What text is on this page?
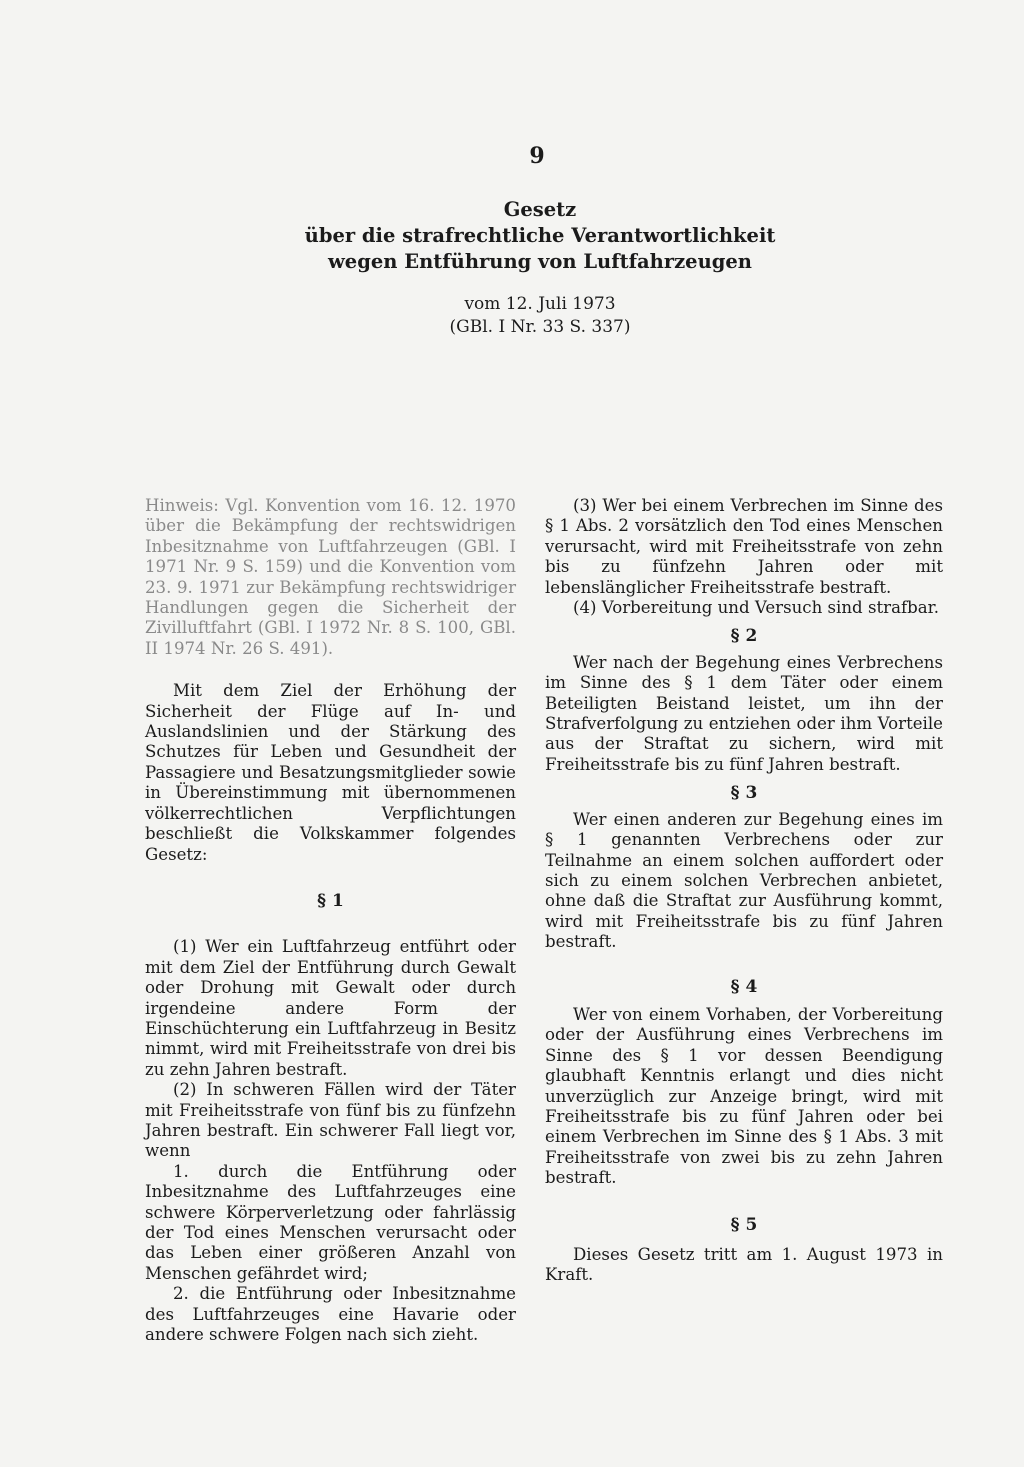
9
Gesetz
über die strafrechtliche Verantwortlichkeit
wegen Entführung von Luftfahrzeugen
vom 12. Juli 1973
(GBl. I Nr. 33 S. 337)

Hinweis: Vgl. Konvention vom 16. 12. 1970 über die Bekämpfung der rechtswidrigen Inbesitznahme von Luftfahrzeugen (GBl. I 1971 Nr. 9 S. 159) und die Konvention vom 23. 9. 1971 zur Bekämpfung rechtswidriger Handlungen gegen die Sicherheit der Zivilluftfahrt (GBl. I 1972 Nr. 8 S. 100, GBl. II 1974 Nr. 26 S. 491).

Mit dem Ziel der Erhöhung der Sicherheit der Flüge auf In- und Auslandslinien und der Stärkung des Schutzes für Leben und Gesundheit der Passagiere und Besatzungsmitglieder sowie in Übereinstimmung mit übernommenen völkerrechtlichen Verpflichtungen beschließt die Volkskammer folgendes Gesetz:

§ 1

(1) Wer ein Luftfahrzeug entführt oder mit dem Ziel der Entführung durch Gewalt oder Drohung mit Gewalt oder durch irgendeine andere Form der Einschüchterung ein Luftfahrzeug in Besitz nimmt, wird mit Freiheitsstrafe von drei bis zu zehn Jahren bestraft.

(2) In schweren Fällen wird der Täter mit Freiheitsstrafe von fünf bis zu fünfzehn Jahren bestraft. Ein schwerer Fall liegt vor, wenn

1. durch die Entführung oder Inbesitznahme des Luftfahrzeuges eine schwere Körperverletzung oder fahrlässig der Tod eines Menschen verursacht oder das Leben einer größeren Anzahl von Menschen gefährdet wird;

2. die Entführung oder Inbesitznahme des Luftfahrzeuges eine Havarie oder andere schwere Folgen nach sich zieht.

(3) Wer bei einem Verbrechen im Sinne des § 1 Abs. 2 vorsätzlich den Tod eines Menschen verursacht, wird mit Freiheitsstrafe von zehn bis zu fünfzehn Jahren oder mit lebenslänglicher Freiheitsstrafe bestraft.

(4) Vorbereitung und Versuch sind strafbar.

§ 2

Wer nach der Begehung eines Verbrechens im Sinne des § 1 dem Täter oder einem Beteiligten Beistand leistet, um ihn der Strafverfolgung zu entziehen oder ihm Vorteile aus der Straftat zu sichern, wird mit Freiheitsstrafe bis zu fünf Jahren bestraft.

§ 3

Wer einen anderen zur Begehung eines im § 1 genannten Verbrechens oder zur Teilnahme an einem solchen auffordert oder sich zu einem solchen Verbrechen anbietet, ohne daß die Straftat zur Ausführung kommt, wird mit Freiheitsstrafe bis zu fünf Jahren bestraft.

§ 4

Wer von einem Vorhaben, der Vorbereitung oder der Ausführung eines Verbrechens im Sinne des § 1 vor dessen Beendigung glaubhaft Kenntnis erlangt und dies nicht unverzüglich zur Anzeige bringt, wird mit Freiheitsstrafe bis zu fünf Jahren oder bei einem Verbrechen im Sinne des § 1 Abs. 3 mit Freiheitsstrafe von zwei bis zu zehn Jahren bestraft.

§ 5

Dieses Gesetz tritt am 1. August 1973 in Kraft.
